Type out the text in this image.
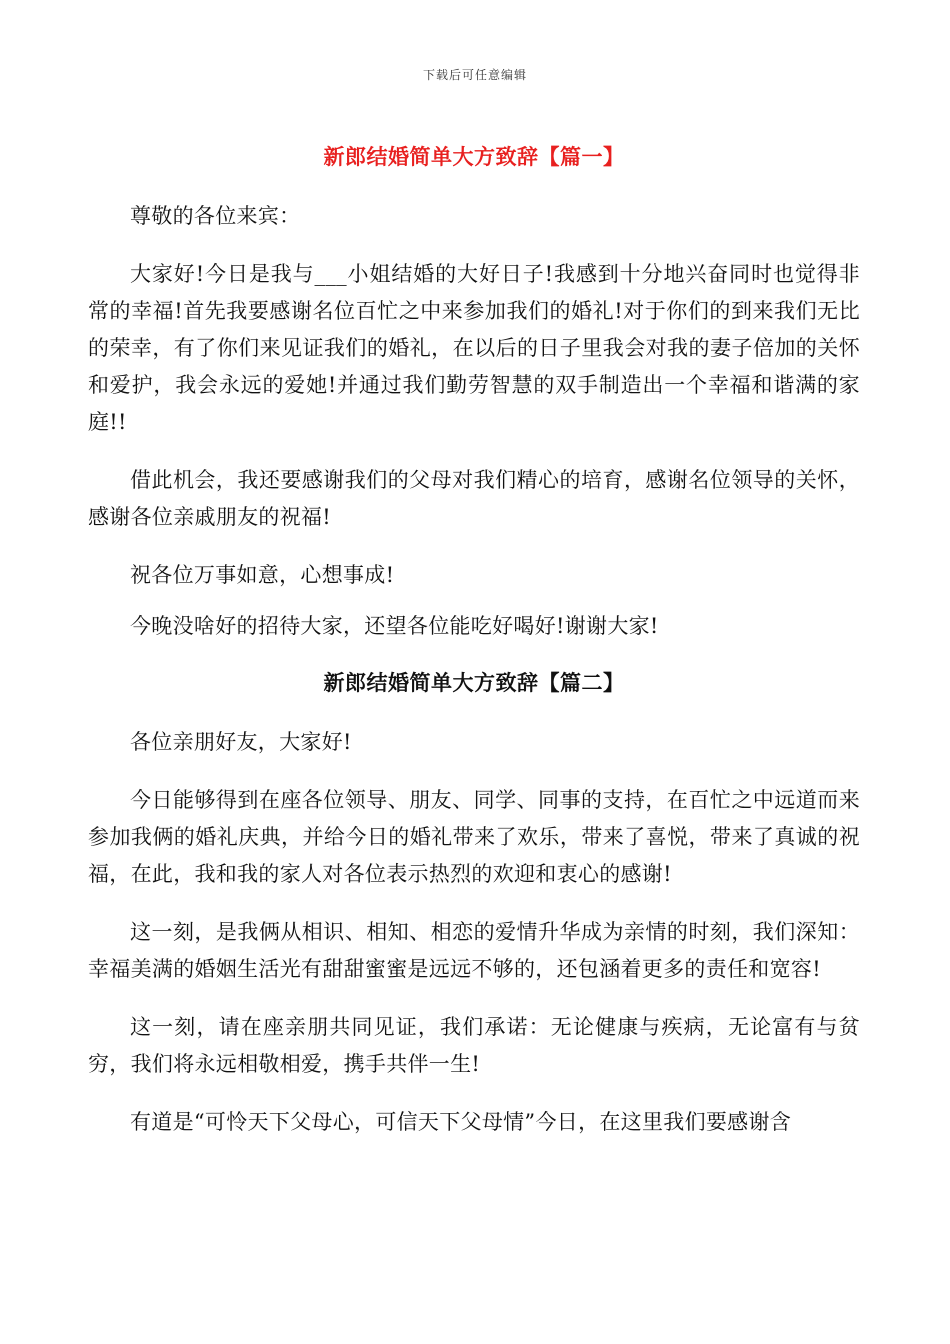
下载后可任意编辑
新郎结婚简单大方致辞【篇一】

尊敬的各位来宾：

大家好!今日是我与___小姐结婚的大好日子!我感到十分地兴奋同时也觉得非常的幸福!首先我要感谢名位百忙之中来参加我们的婚礼!对于你们的到来我们无比的荣幸，有了你们来见证我们的婚礼，在以后的日子里我会对我的妻子倍加的关怀和爱护，我会永远的爱她!并通过我们勤劳智慧的双手制造出一个幸福和谐满的家庭!!

借此机会，我还要感谢我们的父母对我们精心的培育，感谢名位领导的关怀，感谢各位亲戚朋友的祝福!

祝各位万事如意，心想事成!

今晚没啥好的招待大家，还望各位能吃好喝好!谢谢大家!

新郎结婚简单大方致辞【篇二】

各位亲朋好友，大家好!

今日能够得到在座各位领导、朋友、同学、同事的支持，在百忙之中远道而来参加我俩的婚礼庆典，并给今日的婚礼带来了欢乐，带来了喜悦，带来了真诚的祝福，在此，我和我的家人对各位表示热烈的欢迎和衷心的感谢!

这一刻，是我俩从相识、相知、相恋的爱情升华成为亲情的时刻，我们深知：幸福美满的婚姻生活光有甜甜蜜蜜是远远不够的，还包涵着更多的责任和宽容!

这一刻，请在座亲朋共同见证，我们承诺：无论健康与疾病，无论富有与贫穷，我们将永远相敬相爱，携手共伴一生!

有道是“可怜天下父母心，可信天下父母情”今日，在这里我们要感谢含
